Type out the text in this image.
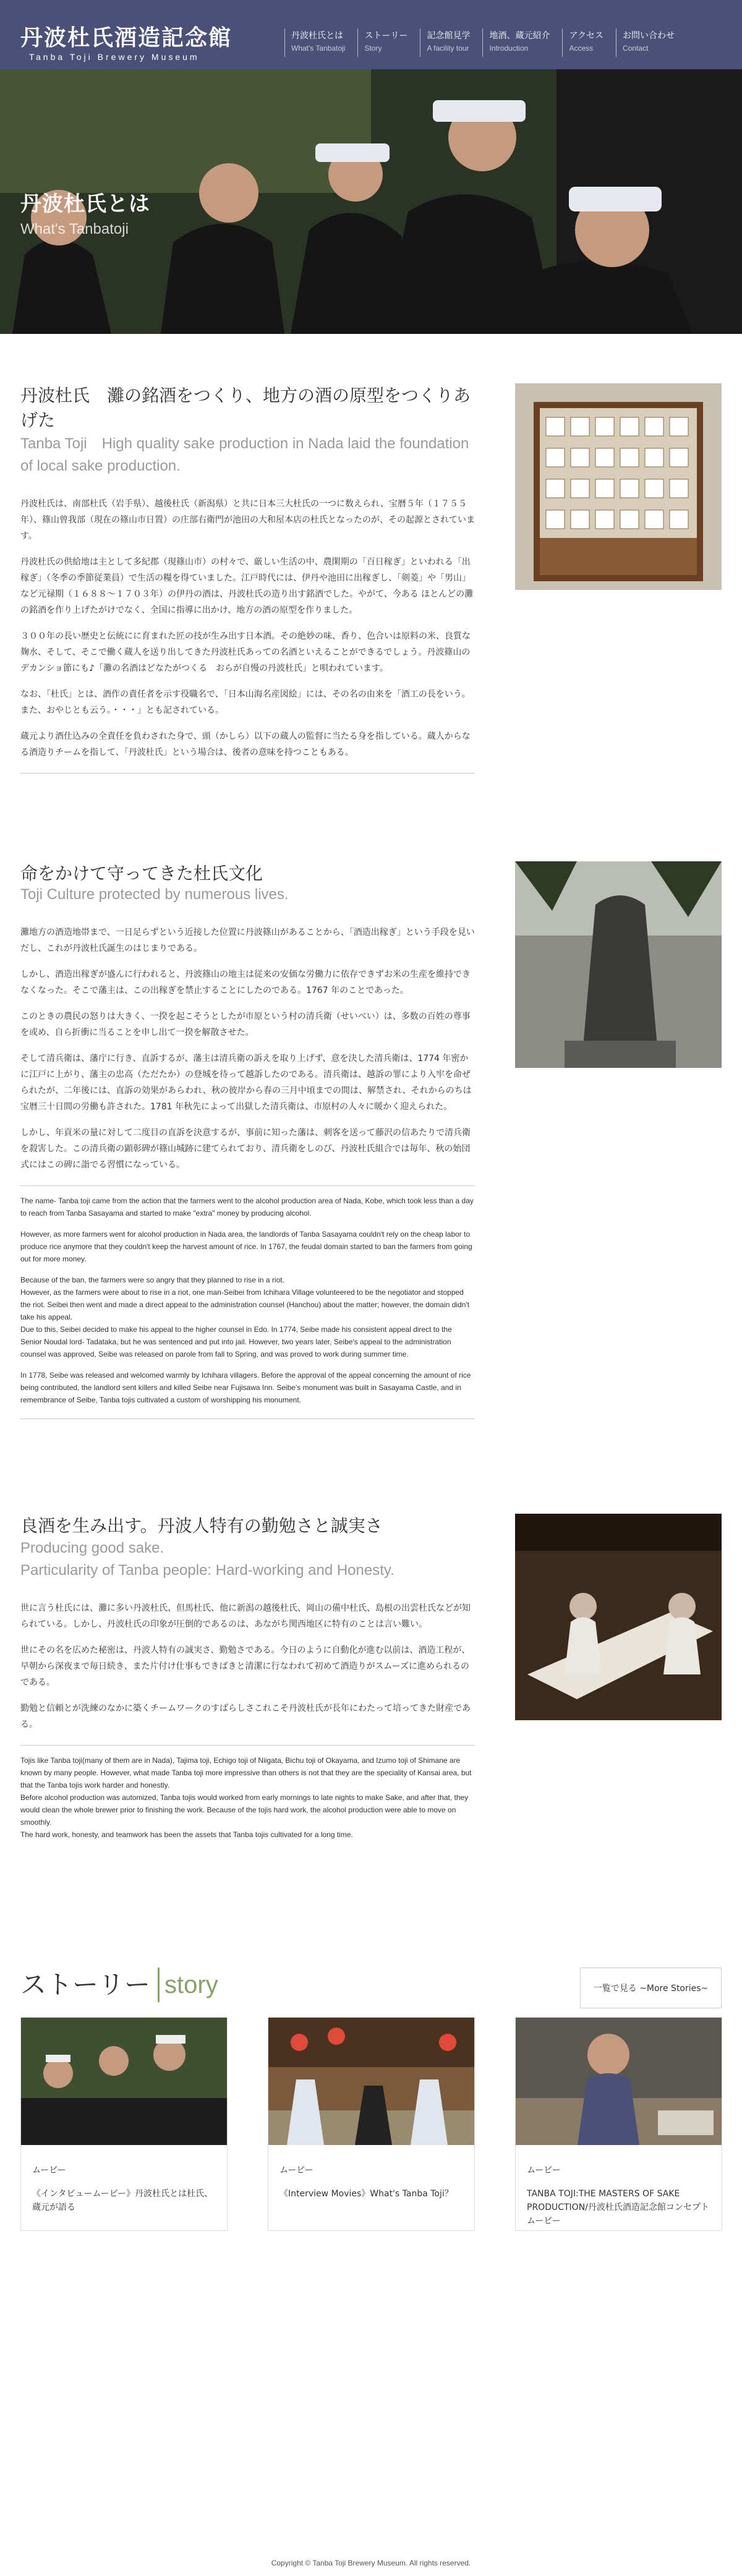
丹波杜氏酒造記念館
Tanba Toji Brewery Museum
丹波杜氏とは
What's Tanbatoji
ストーリー
Story
記念館見学
A facility tour
地酒、蔵元紹介
Introduction
アクセス
Access
お問い合わせ
Contact
丹波杜氏とは
What's Tanbatoji
丹波杜氏　灘の銘酒をつくり、地方の酒の原型をつくりあげた
Tanba Toji　High quality sake production in Nada laid the foundation of local sake production.

丹波杜氏は、南部杜氏（岩手県）、越後杜氏（新潟県）と共に日本三大杜氏の一つに数えられ、宝暦５年（１７５５年）、篠山曾我部（現在の篠山市日置）の庄部右衛門が池田の大和屋本店の杜氏となったのが、その起源とされています。

丹波杜氏の供給地は主として多紀郡（現篠山市）の村々で、厳しい生活の中、農閑期の「百日稼ぎ」といわれる「出稼ぎ」（冬季の季節従業員）で生活の糧を得ていました。江戸時代には、伊丹や池田に出稼ぎし、「剣菱」や「男山」など元禄期（１６８８〜１７０３年）の伊丹の酒は、丹波杜氏の造り出す銘酒でした。やがて、今ある ほとんどの灘の銘酒を作り上げたがけでなく、全国に指導に出かけ、地方の酒の原型を作りました。

３００年の長い歴史と伝統にに育まれた匠の技が生み出す日本酒。その絶妙の味、香り、色合いは原料の米、良質な麹水、そして、そこで働く蔵人を送り出してきた丹波杜氏あっての名酒といえることができるでしょう。丹波篠山のデカンショ節にも♪「灘の名酒はどなたがつくる　おらが自慢の丹波杜氏」と唄われています。

なお、「杜氏」とは、酒作の責任者を示す役職名で、「日本山海名産図絵」には、その名の由来を「酒工の長をいう。また、おやじとも云う。・・・」とも記されている。

蔵元より酒仕込みの全責任を負わされた身で、頭（かしら）以下の蔵人の監督に当たる身を指している。蔵人からなる酒造りチームを指して、「丹波杜氏」という場合は、後者の意味を持つこともある。

命をかけて守ってきた杜氏文化
Toji Culture protected by numerous lives.

灘地方の酒造地帯まで、一日足らずという近接した位置に丹波篠山があることから、「酒造出稼ぎ」という手段を見いだし、これが丹波杜氏誕生のはじまりである。

しかし、酒造出稼ぎが盛んに行われると、丹波篠山の地主は従来の安価な労働力に依存できずお米の生産を維持できなくなった。そこで藩主は、この出稼ぎを禁止することにしたのである。1767 年のことであった。

このときの農民の怒りは大きく、一揆を起こそうとしたが市原という村の清兵衛（せいべい）は、多数の百姓の尊事を或め、自ら折衝に当ることを申し出て一揆を解散させた。

そして清兵衛は、藩庁に行き、直訴するが、藩主は清兵衛の訴えを取り上げず、意を決した清兵衛は、1774 年密かに江戸に上がり、藩主の忠高（ただたか）の登城を待って越訴したのである。清兵衛は、越訴の罪により入牢を命ぜられたが、二年後には、直訴の効果があらわれ、秋の彼岸から春の三月中頃までの間は、解禁され、それからのちは宝暦三十日間の労働も許された。1781 年秋先によって出獄した清兵衛は、市原村の人々に暖かく迎えられた。

しかし、年貢米の量に対して二度目の直訴を決意するが、事前に知った藩は、刺客を送って藤沢の信あたりで清兵衛を殺害した。この清兵衛の顕彰碑が篠山城跡に建てられており、清兵衛をしのび、丹波杜氏組合では毎年、秋の始団式にはこの碑に詣でる習慣になっている。

The name- Tanba toji came from the action that the farmers went to the alcohol production area of Nada, Kobe, which took less than a day to reach from Tanba Sasayama and started to make "extra" money by producing alcohol.

However, as more farmers went for alcohol production in Nada area, the landlords of Tanba Sasayama couldn't rely on the cheap labor to produce rice anymore that they couldn't keep the harvest amount of rice. In 1767, the feudal domain started to ban the farmers from going out for more money.

Because of the ban, the farmers were so angry that they planned to rise in a riot.
However, as the farmers were about to rise in a riot, one man-Seibei from Ichihara Village volunteered to be the negotiator and stopped the riot. Seibei then went and made a direct appeal to the administration counsel (Hanchou) about the matter; however, the domain didn't take his appeal.
Due to this, Seibei decided to make his appeal to the higher counsel in Edo. In 1774, Seibe made his consistent appeal direct to the Senior Noudal lord- Tadataka, but he was sentenced and put into jail. However, two years later, Seibe's appeal to the administration counsel was approved, Seibe was released on parole from fall to Spring, and was proved to work during summer time.

In 1778, Seibe was released and welcomed warmly by Ichihara villagers. Before the approval of the appeal concerning the amount of rice being contributed, the landlord sent killers and killed Seibe near Fujisawa Inn. Seibe's monument was built in Sasayama Castle, and in remembrance of Seibe, Tanba tojis cultivated a custom of worshipping his monument.

良酒を生み出す。丹波人特有の勤勉さと誠実さ
Producing good sake.
Particularity of Tanba people: Hard-working and Honesty.

世に言う杜氏には、灘に多い丹波杜氏、但馬杜氏、他に新潟の越後杜氏、岡山の備中杜氏、島根の出雲杜氏などが知られている。しかし、丹波杜氏の印象が圧倒的であるのは、あながち関西地区に特有のことは言い難い。

世にその名を広めた秘密は、丹波人特有の誠実さ、勤勉さである。今日のように自動化が進む以前は、酒造工程が、早朝から深夜まで毎日続き、また片付け仕事もできばきと清潔に行なわれて初めて酒造りがスムーズに進められるのである。

勤勉と信頼とが洗練のなかに築くチームワークのすばらしさこれこそ丹波杜氏が長年にわたって培ってきた財産である。

Tojis like Tanba toji(many of them are in Nada), Tajima toji, Echigo toji of Niigata, Bichu toji of Okayama, and Izumo toji of Shimane are known by many people. However, what made Tanba toji more impressive than others is not that they are the speciality of Kansai area, but that the Tanba tojis work harder and honestly.
Before alcohol production was automized, Tanba tojis would worked from early mornings to late nights to make Sake, and after that, they would clean the whole brewer prior to finishing the work. Because of the tojis hard work, the alcohol production were able to move on smoothly.
The hard work, honesty, and teamwork has been the assets that Tanba tojis cultivated for a long time.

ストーリー story	一覧で見る ~More Stories~
ムービー
《インタビュームービー》丹波杜氏とは杜氏、蔵元が語る
ムービー
《Interview Movies》What's Tanba Toji？
ムービー
TANBA TOJI:THE MASTERS OF SAKE PRODUCTION/丹波杜氏酒造記念館コンセプトムービー
Copyright © Tanba Toji Brewery Museum. All rights reserved.
